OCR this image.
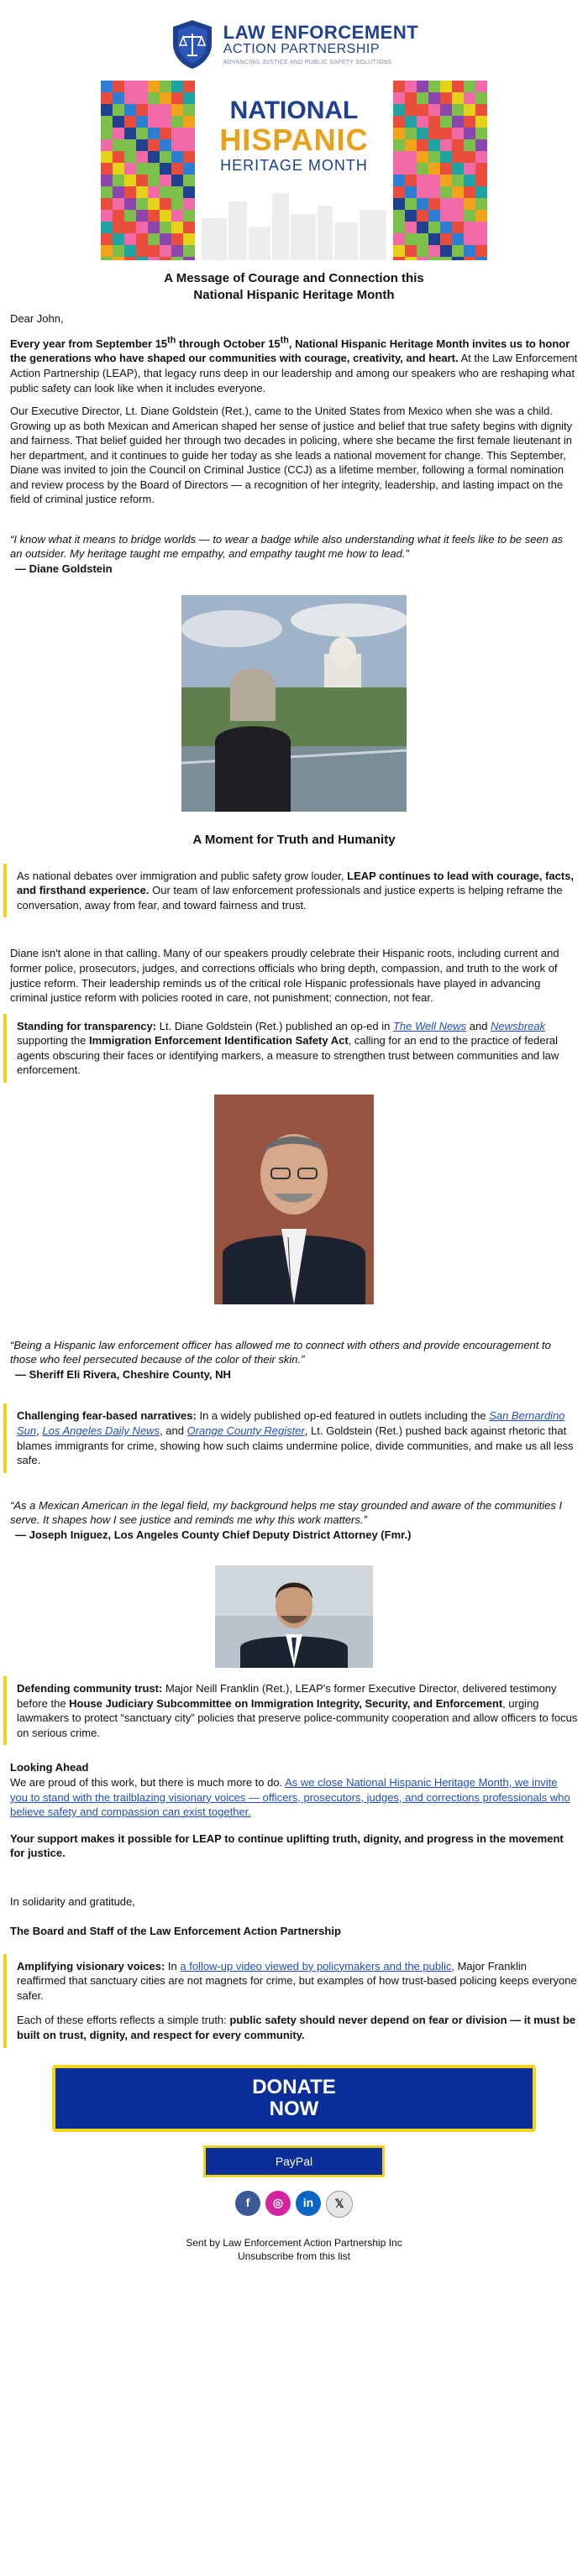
LAW ENFORCEMENT
ACTION PARTNERSHIP
ADVANCING JUSTICE AND PUBLIC SAFETY SOLUTIONS
NATIONAL
HISPANIC
HERITAGE MONTH
A Message of Courage and Connection this
National Hispanic Heritage Month

Dear John,

Every year from September 15th through October 15th, National Hispanic Heritage Month invites us to honor the generations who have shaped our communities with courage, creativity, and heart. At the Law Enforcement Action Partnership (LEAP), that legacy runs deep in our leadership and among our speakers who are reshaping what public safety can look like when it includes everyone.

Our Executive Director, Lt. Diane Goldstein (Ret.), came to the United States from Mexico when she was a child. Growing up as both Mexican and American shaped her sense of justice and belief that true safety begins with dignity and fairness. That belief guided her through two decades in policing, where she became the first female lieutenant in her department, and it continues to guide her today as she leads a national movement for change. This September, Diane was invited to join the Council on Criminal Justice (CCJ) as a lifetime member, following a formal nomination and review process by the Board of Directors — a recognition of her integrity, leadership, and lasting impact on the field of criminal justice reform.

“I know what it means to bridge worlds — to wear a badge while also understanding what it feels like to be seen as an outsider. My heritage taught me empathy, and empathy taught me how to lead.”
— Diane Goldstein
A Moment for Truth and Humanity
As national debates over immigration and public safety grow louder, LEAP continues to lead with courage, facts, and firsthand experience. Our team of law enforcement professionals and justice experts is helping reframe the conversation, away from fear, and toward fairness and trust.

Diane isn't alone in that calling. Many of our speakers proudly celebrate their Hispanic roots, including current and former police, prosecutors, judges, and corrections officials who bring depth, compassion, and truth to the work of justice reform. Their leadership reminds us of the critical role Hispanic professionals have played in advancing criminal justice reform with policies rooted in care, not punishment; connection, not fear.

Standing for transparency: Lt. Diane Goldstein (Ret.) published an op-ed in The Well News and Newsbreak supporting the Immigration Enforcement Identification Safety Act, calling for an end to the practice of federal agents obscuring their faces or identifying markers, a measure to strengthen trust between communities and law enforcement.
“Being a Hispanic law enforcement officer has allowed me to connect with others and provide encouragement to those who feel persecuted because of the color of their skin.”
— Sheriff Eli Rivera, Cheshire County, NH
Challenging fear-based narratives: In a widely published op-ed featured in outlets including the San Bernardino Sun, Los Angeles Daily News, and Orange County Register, Lt. Goldstein (Ret.) pushed back against rhetoric that blames immigrants for crime, showing how such claims undermine police, divide communities, and make us all less safe.
“As a Mexican American in the legal field, my background helps me stay grounded and aware of the communities I serve. It shapes how I see justice and reminds me why this work matters.”
— Joseph Iniguez, Los Angeles County Chief Deputy District Attorney (Fmr.)
Defending community trust: Major Neill Franklin (Ret.), LEAP's former Executive Director, delivered testimony before the House Judiciary Subcommittee on Immigration Integrity, Security, and Enforcement, urging lawmakers to protect “sanctuary city” policies that preserve police-community cooperation and allow officers to focus on serious crime.
Looking Ahead
We are proud of this work, but there is much more to do. As we close National Hispanic Heritage Month, we invite you to stand with the trailblazing visionary voices — officers, prosecutors, judges, and corrections professionals who believe safety and compassion can exist together.

Your support makes it possible for LEAP to continue uplifting truth, dignity, and progress in the movement for justice.

In solidarity and gratitude,

The Board and Staff of the Law Enforcement Action Partnership

Amplifying visionary voices: In a follow-up video viewed by policymakers and the public, Major Franklin reaffirmed that sanctuary cities are not magnets for crime, but examples of how trust-based policing keeps everyone safer.
Each of these efforts reflects a simple truth: public safety should never depend on fear or division — it must be built on trust, dignity, and respect for every community.
DONATE
NOW
PayPal
f	◎	in	𝕏
Sent by Law Enforcement Action Partnership Inc
Unsubscribe from this list
